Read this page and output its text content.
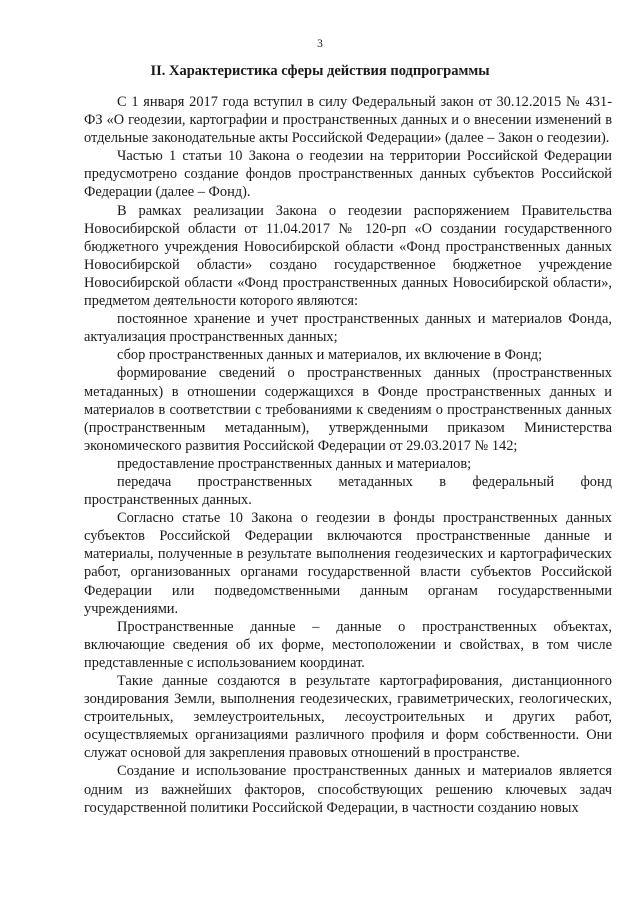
3
II. Характеристика сферы действия подпрограммы

С 1 января 2017 года вступил в силу Федеральный закон от 30.12.2015 № 431-ФЗ «О геодезии, картографии и пространственных данных и о внесении изменений в отдельные законодательные акты Российской Федерации» (далее – Закон о геодезии).

Частью 1 статьи 10 Закона о геодезии на территории Российской Федерации предусмотрено создание фондов пространственных данных субъектов Российской Федерации (далее – Фонд).

В рамках реализации Закона о геодезии распоряжением Правительства Новосибирской области от 11.04.2017 № 120-рп «О создании государственного бюджетного учреждения Новосибирской области «Фонд пространственных данных Новосибирской области» создано государственное бюджетное учреждение Новосибирской области «Фонд пространственных данных Новосибирской области», предметом деятельности которого являются:

постоянное хранение и учет пространственных данных и материалов Фонда, актуализация пространственных данных;

сбор пространственных данных и материалов, их включение в Фонд;

формирование сведений о пространственных данных (пространственных метаданных) в отношении содержащихся в Фонде пространственных данных и материалов в соответствии с требованиями к сведениям о пространственных данных (пространственным метаданным), утвержденными приказом Министерства экономического развития Российской Федерации от 29.03.2017 № 142;

предоставление пространственных данных и материалов;

передача пространственных метаданных в федеральный фонд пространственных данных.

Согласно статье 10 Закона о геодезии в фонды пространственных данных субъектов Российской Федерации включаются пространственные данные и материалы, полученные в результате выполнения геодезических и картографических работ, организованных органами государственной власти субъектов Российской Федерации или подведомственными данным органам государственными учреждениями.

Пространственные данные – данные о пространственных объектах, включающие сведения об их форме, местоположении и свойствах, в том числе представленные с использованием координат.

Такие данные создаются в результате картографирования, дистанционного зондирования Земли, выполнения геодезических, гравиметрических, геологических, строительных, землеустроительных, лесоустроительных и других работ, осуществляемых организациями различного профиля и форм собственности. Они служат основой для закрепления правовых отношений в пространстве.

Создание и использование пространственных данных и материалов является одним из важнейших факторов, способствующих решению ключевых задач государственной политики Российской Федерации, в частности созданию новых
